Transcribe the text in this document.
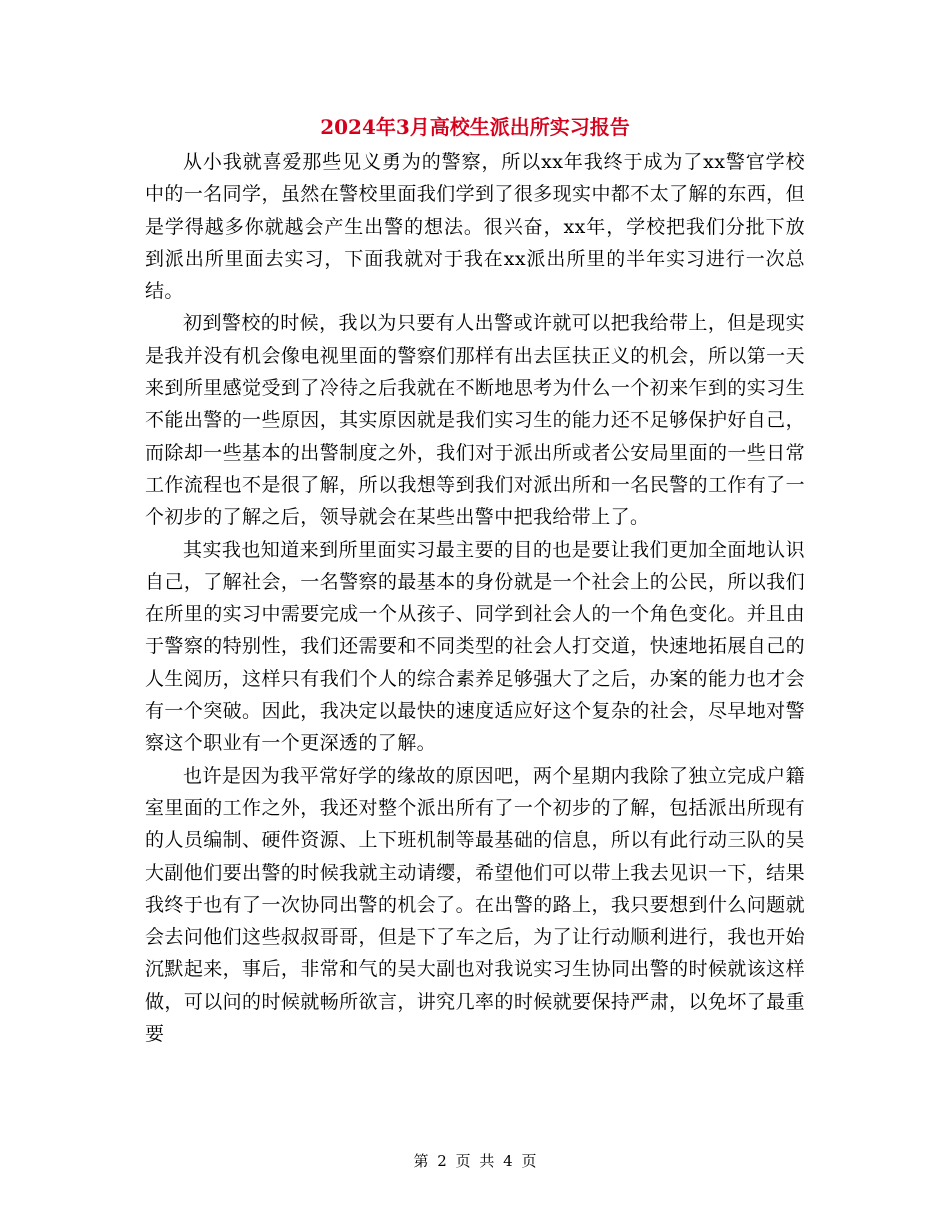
2024年3月高校生派出所实习报告

从小我就喜爱那些见义勇为的警察，所以xx年我终于成为了xx警官学校中的一名同学，虽然在警校里面我们学到了很多现实中都不太了解的东西，但是学得越多你就越会产生出警的想法。很兴奋，xx年，学校把我们分批下放到派出所里面去实习，下面我就对于我在xx派出所里的半年实习进行一次总结。

初到警校的时候，我以为只要有人出警或许就可以把我给带上，但是现实是我并没有机会像电视里面的警察们那样有出去匡扶正义的机会，所以第一天来到所里感觉受到了冷待之后我就在不断地思考为什么一个初来乍到的实习生不能出警的一些原因，其实原因就是我们实习生的能力还不足够保护好自己，而除却一些基本的出警制度之外，我们对于派出所或者公安局里面的一些日常工作流程也不是很了解，所以我想等到我们对派出所和一名民警的工作有了一个初步的了解之后，领导就会在某些出警中把我给带上了。

其实我也知道来到所里面实习最主要的目的也是要让我们更加全面地认识自己，了解社会，一名警察的最基本的身份就是一个社会上的公民，所以我们在所里的实习中需要完成一个从孩子、同学到社会人的一个角色变化。并且由于警察的特别性，我们还需要和不同类型的社会人打交道，快速地拓展自己的人生阅历，这样只有我们个人的综合素养足够强大了之后，办案的能力也才会有一个突破。因此，我决定以最快的速度适应好这个复杂的社会，尽早地对警察这个职业有一个更深透的了解。

也许是因为我平常好学的缘故的原因吧，两个星期内我除了独立完成户籍室里面的工作之外，我还对整个派出所有了一个初步的了解，包括派出所现有的人员编制、硬件资源、上下班机制等最基础的信息，所以有此行动三队的吴大副他们要出警的时候我就主动请缨，希望他们可以带上我去见识一下，结果我终于也有了一次协同出警的机会了。在出警的路上，我只要想到什么问题就会去问他们这些叔叔哥哥，但是下了车之后，为了让行动顺利进行，我也开始沉默起来，事后，非常和气的吴大副也对我说实习生协同出警的时候就该这样做，可以问的时候就畅所欲言，讲究几率的时候就要保持严肃，以免坏了最重要

第 2 页 共 4 页
